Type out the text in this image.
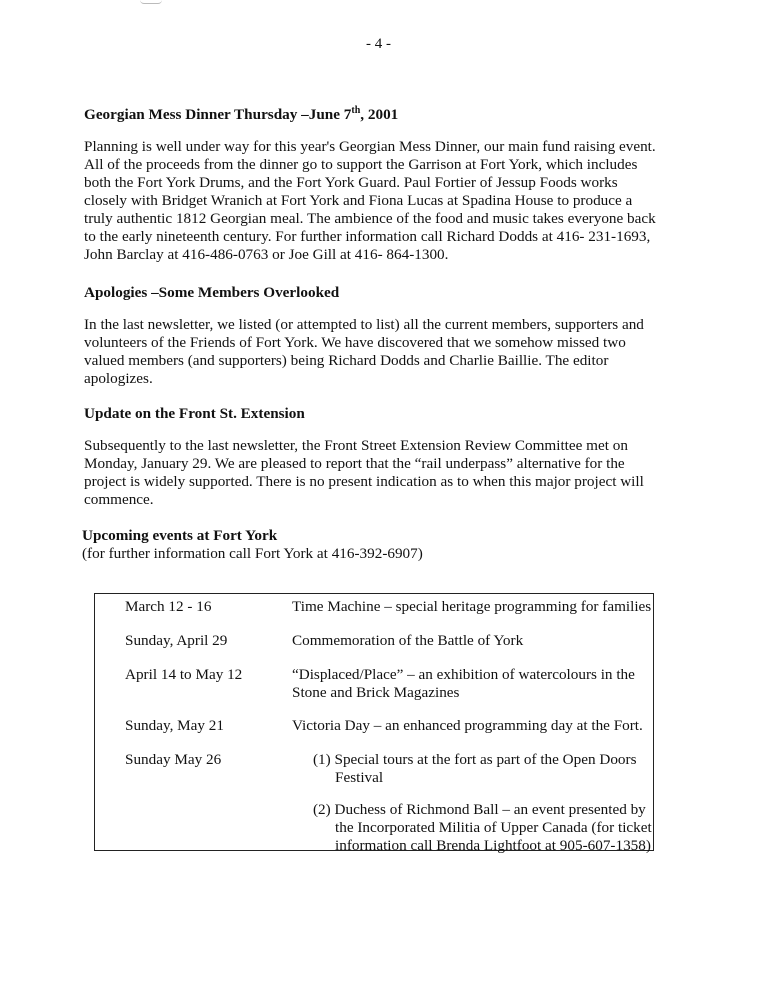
- 4 -
Georgian Mess Dinner Thursday –June 7th, 2001
Planning is well under way for this year's Georgian Mess Dinner, our main fund raising event.
All of the proceeds from the dinner go to support the Garrison at Fort York, which includes
both the Fort York Drums, and the Fort York Guard. Paul Fortier of Jessup Foods works
closely with Bridget Wranich at Fort York and Fiona Lucas at Spadina House to produce a
truly authentic 1812 Georgian meal. The ambience of the food and music takes everyone back
to the early nineteenth century. For further information call Richard Dodds at 416- 231-1693,
John Barclay at 416-486-0763 or Joe Gill at 416- 864-1300.
Apologies –Some Members Overlooked
In the last newsletter, we listed (or attempted to list) all the current members, supporters and
volunteers of the Friends of Fort York. We have discovered that we somehow missed two
valued members (and supporters) being Richard Dodds and Charlie Baillie. The editor
apologizes.
Update on the Front St. Extension
Subsequently to the last newsletter, the Front Street Extension Review Committee met on
Monday, January 29. We are pleased to report that the “rail underpass” alternative for the
project is widely supported. There is no present indication as to when this major project will
commence.
Upcoming events at Fort York
(for further information call Fort York at 416-392-6907)
March 12 - 16	Time Machine – special heritage programming for families
Sunday, April 29	Commemoration of the Battle of York
April 14 to May 12	“Displaced/Place” – an exhibition of watercolours in the
Stone and Brick Magazines
Sunday, May 21	Victoria Day – an enhanced programming day at the Fort.
Sunday May 26	(1) Special tours at the fort as part of the Open Doors
Festival
(2) Duchess of Richmond Ball – an event presented by
the Incorporated Militia of Upper Canada (for ticket
information call Brenda Lightfoot at 905-607-1358)
